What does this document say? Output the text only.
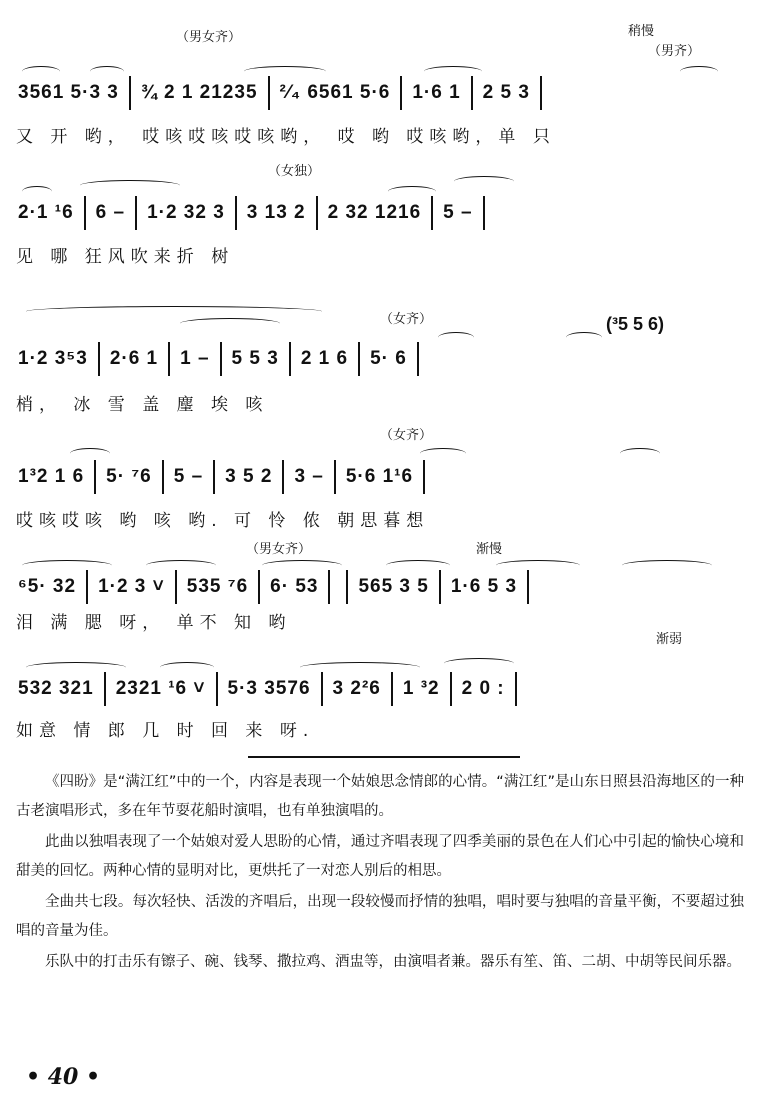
（男女齐）	稍慢
（男齐）
3561 5·3 3 ¾ 2 1 21235 ²⁄₄ 6561 5·6 1·6 1 2 5 3
又 开 哟， 哎咳哎咳哎咳哟， 哎 哟 哎咳哟，单 只
（女独）
2·1 ¹6 6 – 1·2 32 3 3 13 2 2 32 1216 5 –
见 哪 狂风吹来折 树
（女齐）
1·2 3⁵3 2·6 1 1 – 5 5 3 2 1 6 5· 6
(³5 5 6)
梢， 冰 雪 盖 麈 埃 咳
（女齐）
1³2 1 6 5· ⁷6 5 – 3 5 2 3 – 5·6 1¹6
哎咳哎咳 哟 咳 哟. 可 怜 侬 朝思暮想
（男女齐）	渐慢
⁶5· 32 1·2 3 ˅ 535 ⁷6 6· 53 565 3 5 1·6 5 3
泪 满 腮 呀， 单不 知 哟
渐弱
532 321 2321 ¹6 ˅ 5·3 3576 3 2²6 1 ³2 2 0 :
如意 情 郎 几 时 回 来 呀.

《四盼》是“满江红”中的一个，内容是表现一个姑娘思念情郎的心情。“满江红”是山东日照县沿海地区的一种古老演唱形式，多在年节耍花船时演唱，也有单独演唱的。

此曲以独唱表现了一个姑娘对爱人思盼的心情，通过齐唱表现了四季美丽的景色在人们心中引起的愉快心境和甜美的回忆。两种心情的显明对比，更烘托了一对恋人别后的相思。

全曲共七段。每次轻快、活泼的齐唱后，出现一段较慢而抒情的独唱，唱时要与独唱的音量平衡，不要超过独唱的音量为佳。

乐队中的打击乐有镲子、碗、钱琴、撒拉鸡、酒盅等，由演唱者兼。器乐有笙、笛、二胡、中胡等民间乐器。

• 40 •
